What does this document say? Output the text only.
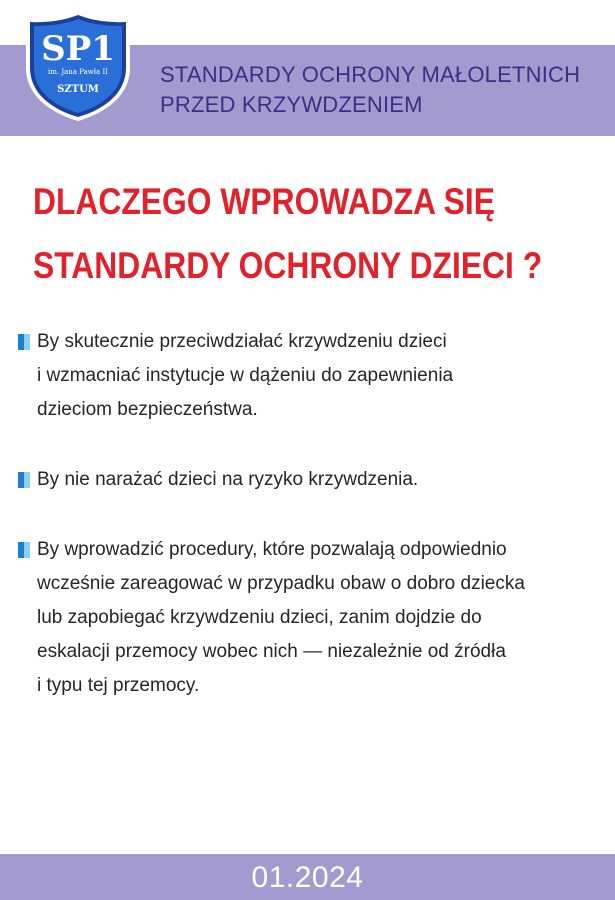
STANDARDY OCHRONY MAŁOLETNICH
PRZED KRZYWDZENIEM
SP1
im. Jana Pawła II
SZTUM
DLACZEGO WPROWADZA SIĘ
STANDARDY OCHRONY DZIECI ?
By skutecznie przeciwdziałać krzywdzeniu dzieci
i wzmacniać instytucje w dążeniu do zapewnienia
dzieciom bezpieczeństwa.
By nie narażać dzieci na ryzyko krzywdzenia.
By wprowadzić procedury, które pozwalają odpowiednio
wcześnie zareagować w przypadku obaw o dobro dziecka
lub zapobiegać krzywdzeniu dzieci, zanim dojdzie do
eskalacji przemocy wobec nich — niezależnie od źródła
i typu tej przemocy.
01.2024
